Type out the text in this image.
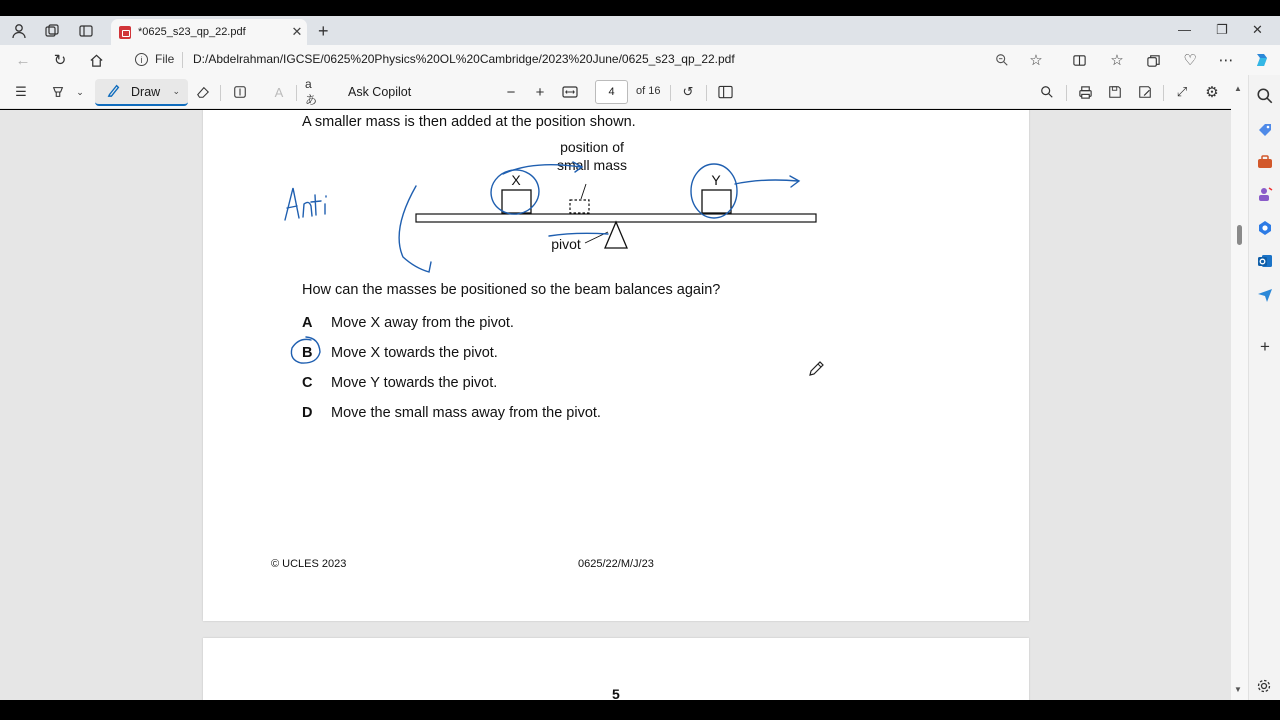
*0625_s23_qp_22.pdf	✕ +	— ❐ ✕
← ↻	i	File D:/Abdelrahman/IGCSE/0625%20Physics%20OL%20Cambridge/2023%20June/0625_s23_qp_22.pdf	☆	☆	♡ ⋯
☰	⌄	Draw	⌄	A
aあ
Ask Copilot	−	+	4	of 16 ↺	⤢ ⚙
A smaller mass is then added at the position shown.
X	Y
position of
small mass
pivot
How can the masses be positioned so the beam balances again?
A Move X away from the pivot.
B Move X towards the pivot.
C Move Y towards the pivot.
D Move the small mass away from the pivot.
© UCLES 2023	0625/22/M/J/23
5
▲
▼
+
